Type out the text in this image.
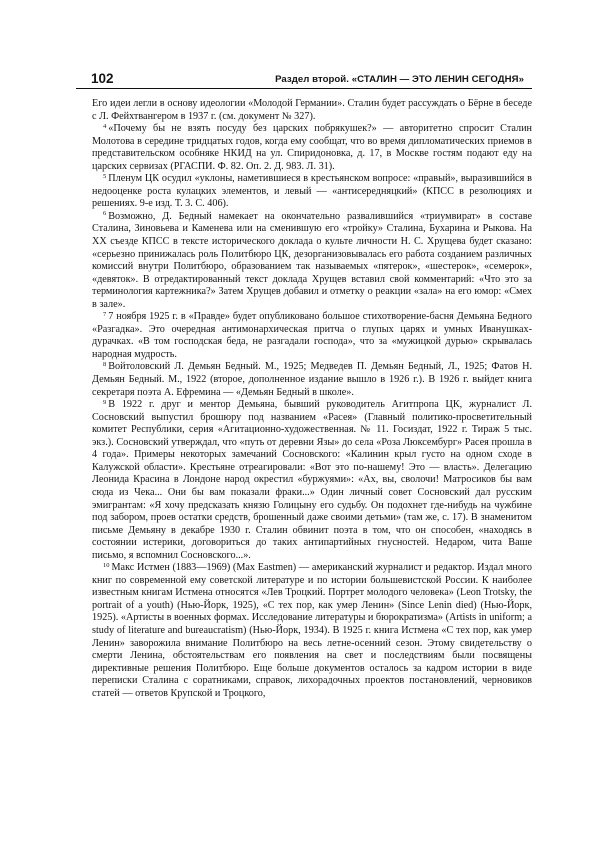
102	Раздел второй. «СТАЛИН — ЭТО ЛЕНИН СЕГОДНЯ»

Его идеи легли в основу идеологии «Молодой Германии». Сталин будет рассуждать о Бёрне в беседе с Л. Фейхтвангером в 1937 г. (см. документ № 327).

$^4$ «Почему бы не взять посуду без царских побрякушек?» — авторитетно спросит Сталин Молотова в середине тридцатых годов, когда ему сообщат, что во время дипломатических приемов в представительском особняке НКИД на ул. Спиридоновка, д. 17, в Москве гостям подают еду на царских сервизах (РГАСПИ. Ф. 82. Оп. 2. Д. 983. Л. 31).

$^5$ Пленум ЦК осудил «уклоны, наметившиеся в крестьянском вопросе: «правый», выразившийся в недооценке роста кулацких элементов, и левый — «антисередняцкий» (КПСС в резолюциях и решениях. 9-е изд. Т. 3. С. 406).

$^6$ Возможно, Д. Бедный намекает на окончательно развалившийся «триумвират» в составе Сталина, Зиновьева и Каменева или на сменившую его «тройку» Сталина, Бухарина и Рыкова. На XX съезде КПСС в тексте исторического доклада о культе личности Н. С. Хрущева будет сказано: «серьезно принижалась роль Политбюро ЦК, дезорганизовывалась его работа созданием различных комиссий внутри Политбюро, образованием так называемых «пятерок», «шестерок», «семерок», «девяток». В отредактированный текст доклада Хрущев вставил свой комментарий: «Что это за терминология картежника?» Затем Хрущев добавил и отметку о реакции «зала» на его юмор: «Смех в зале».

$^7$ 7 ноября 1925 г. в «Правде» будет опубликовано большое стихотворение-басня Демьяна Бедного «Разгадка». Это очередная антимонархическая притча о глупых царях и умных Иванушках-дурачках. «В том господская беда, не разгадали господа», что за «мужицкой дурью» скрывалась народная мудрость.

$^8$ Войтоловский Л. Демьян Бедный. М., 1925; Медведев П. Демьян Бедный, Л., 1925; Фатов Н. Демьян Бедный. М., 1922 (второе, дополненное издание вышло в 1926 г.). В 1926 г. выйдет книга секретаря поэта А. Ефремина — «Демьян Бедный в школе».

$^9$ В 1922 г. друг и ментор Демьяна, бывший руководитель Агитпропа ЦК, журналист Л. Сосновский выпустил брошюру под названием «Расея» (Главный политико-просветительный комитет Республики, серия «Агитационно-художественная. № 11. Госиздат, 1922 г. Тираж 5 тыс. экз.). Сосновский утверждал, что «путь от деревни Язы» до села «Роза Люксембург» Расея прошла в 4 года». Примеры некоторых замечаний Сосновского: «Калинин крыл густо на одном сходе в Калужской области». Крестьяне отреагировали: «Вот это по-нашему! Это — власть». Делегацию Леонида Красина в Лондоне народ окрестил «буржуями»: «Ах, вы, сволочи! Матросиков бы вам сюда из Чека... Они бы вам показали фраки...» Один личный совет Сосновский дал русским эмигрантам: «Я хочу предсказать князю Голицыну его судьбу. Он подохнет где-нибудь на чужбине под забором, проев остатки средств, брошенный даже своими детьми» (там же, с. 17). В знаменитом письме Демьяну в декабре 1930 г. Сталин обвинит поэта в том, что он способен, «находясь в состоянии истерики, договориться до таких антипартийных гнусностей. Недаром, чита Ваше письмо, я вспомнил Сосновского...».

$^{10}$ Макс Истмен (1883—1969) (Max Eastmen) — американский журналист и редактор. Издал много книг по современной ему советской литературе и по истории большевистской России. К наиболее известным книгам Истмена относятся «Лев Троцкий. Портрет молодого человека» (Leon Trotsky, the portrait of a youth) (Нью-Йорк, 1925), «С тех пор, как умер Ленин» (Since Lenin died) (Нью-Йорк, 1925). «Артисты в военных формах. Исследование литературы и бюрократизма» (Artists in uniform; a study of literature and bureaucratism) (Нью-Йорк, 1934). В 1925 г. книга Истмена «С тех пор, как умер Ленин» заворожила внимание Политбюро на весь летне-осенний сезон. Этому свидетельству о смерти Ленина, обстоятельствам его появления на свет и последствиям были посвящены директивные решения Политбюро. Еще больше документов осталось за кадром истории в виде переписки Сталина с соратниками, справок, лихорадочных проектов постановлений, черновиков статей — ответов Крупской и Троцкого,
